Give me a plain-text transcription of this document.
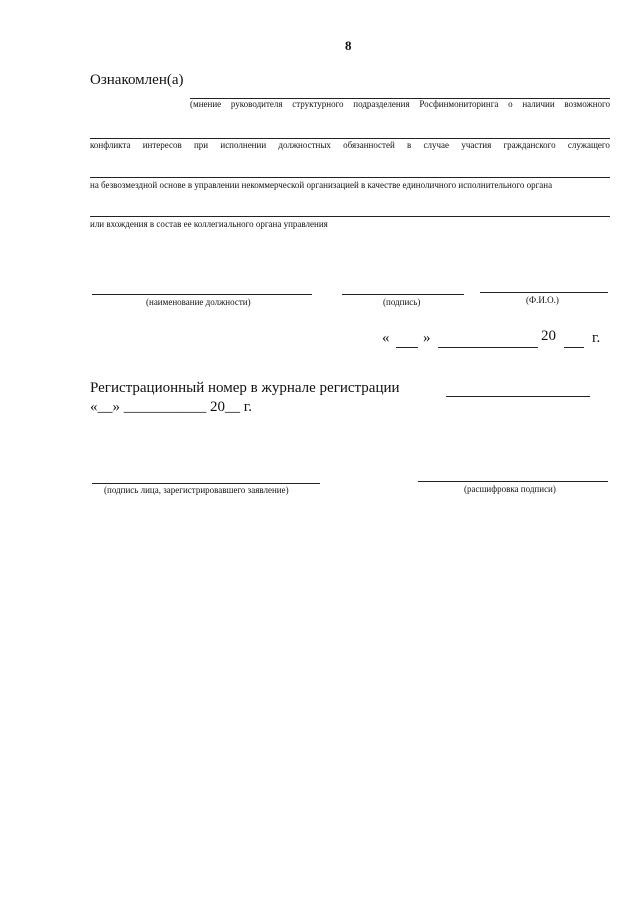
8
Ознакомлен(а)
(мнение руководителя структурного подразделения Росфинмониторинга о наличии возможного
конфликта интересов при исполнении должностных обязанностей в случае участия гражданского служащего
на безвозмездной основе в управлении некоммерческой организацией в качестве единоличного исполнительного органа
или вхождения в состав ее коллегиального органа управления
(наименование должности)	(подпись)	(Ф.И.О.)
« »	20 г.
Регистрационный номер в журнале регистрации
«__» ___________ 20__ г.
(подпись лица, зарегистрировавшего заявление)	(расшифровка подписи)
